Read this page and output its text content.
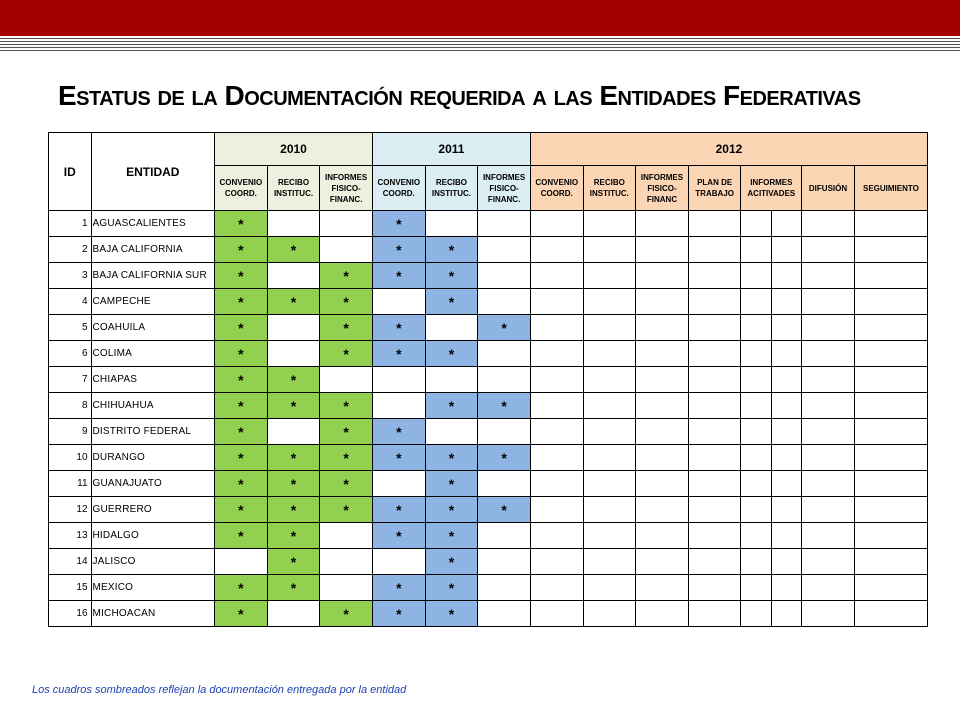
Estatus de la Documentación requerida a las Entidades Federativas
ID	ENTIDAD	2010			2011			2012							
		CONVENIO COORD.	RECIBO INSTITUC.	INFORMES FISICO-FINANC.	CONVENIO COORD.	RECIBO INSTITUC.	INFORMES FISICO-FINANC.	CONVENIO COORD.	RECIBO INSTITUC.	INFORMES FISICO-FINANC	PLAN DE TRABAJO	INFORMES ACITIVADES		DIFUSIÓN	SEGUIMIENTO
1	AGUASCALIENTES	*			*										
2	BAJA CALIFORNIA	*	*		*	*									
3	BAJA CALIFORNIA SUR	*		*	*	*									
4	CAMPECHE	*	*	*		*									
5	COAHUILA	*		*	*		*								
6	COLIMA	*		*	*	*									
7	CHIAPAS	*	*												
8	CHIHUAHUA	*	*	*		*	*								
9	DISTRITO FEDERAL	*		*	*										
10	DURANGO	*	*	*	*	*	*								
11	GUANAJUATO	*	*	*		*									
12	GUERRERO	*	*	*	*	*	*								
13	HIDALGO	*	*		*	*									
14	JALISCO		*			*									
15	MEXICO	*	*		*	*									
16	MICHOACAN	*		*	*	*									

Los cuadros sombreados reflejan la documentación entregada por la entidad
